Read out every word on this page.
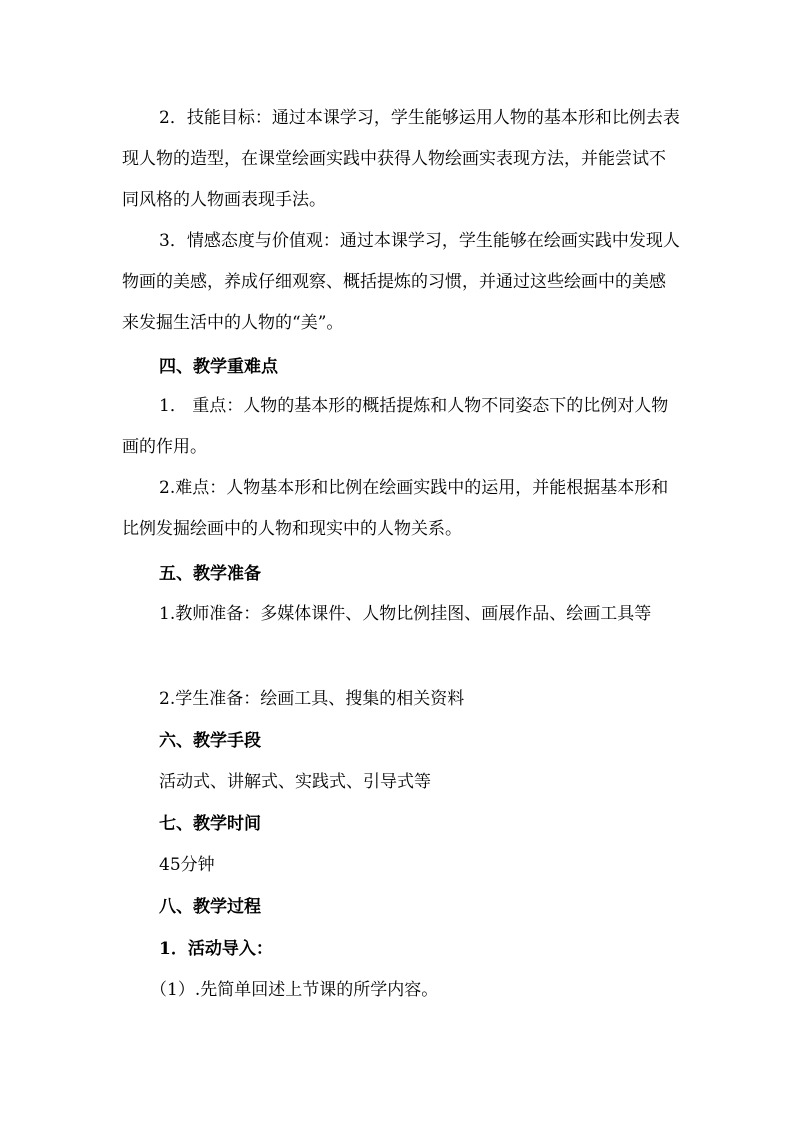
2．技能目标：通过本课学习，学生能够运用人物的基本形和比例去表现人物的造型，在课堂绘画实践中获得人物绘画实表现方法，并能尝试不同风格的人物画表现手法。

3．情感态度与价值观：通过本课学习，学生能够在绘画实践中发现人物画的美感，养成仔细观察、概括提炼的习惯，并通过这些绘画中的美感来发掘生活中的人物的“美”。

四、教学重难点

1． 重点：人物的基本形的概括提炼和人物不同姿态下的比例对人物画的作用。

2.难点：人物基本形和比例在绘画实践中的运用，并能根据基本形和比例发掘绘画中的人物和现实中的人物关系。

五、教学准备

1.教师准备：多媒体课件、人物比例挂图、画展作品、绘画工具等

2.学生准备：绘画工具、搜集的相关资料

六、教学手段

活动式、讲解式、实践式、引导式等

七、教学时间

45分钟

八、教学过程

1．活动导入：

（1）.先简单回述上节课的所学内容。
